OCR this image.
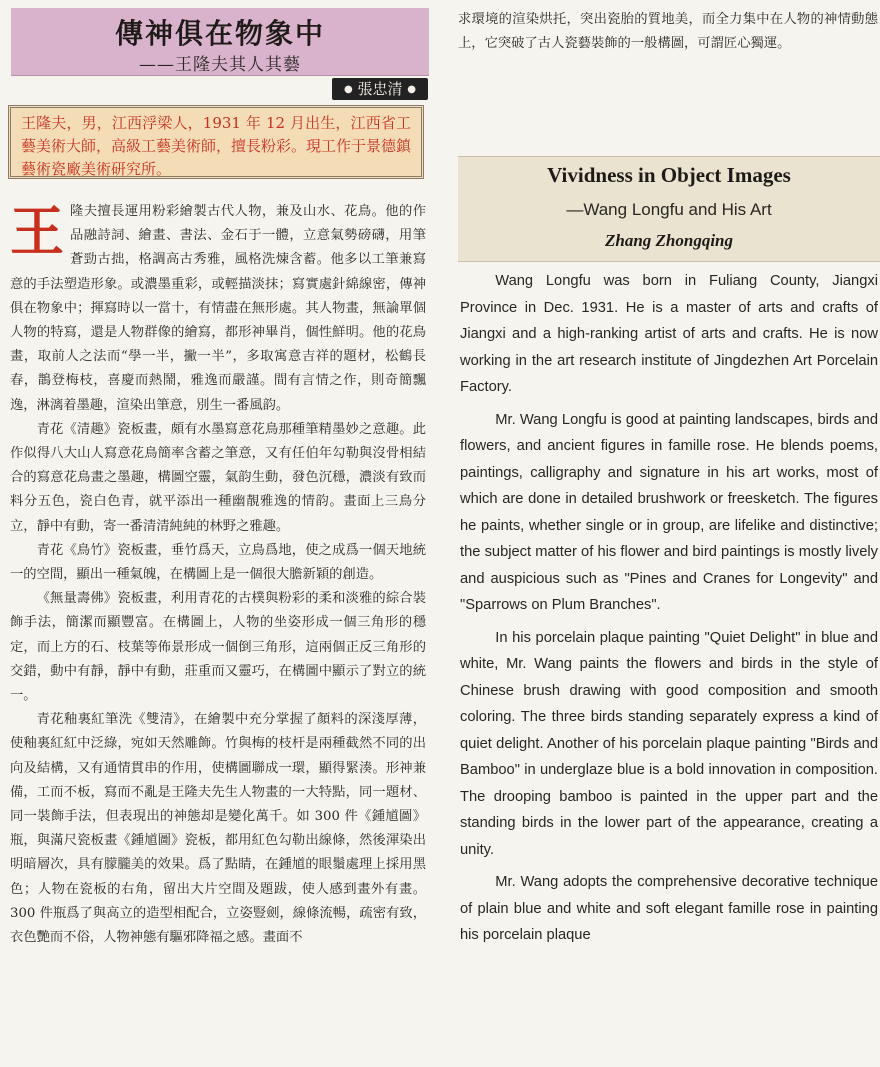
傳神俱在物象中
——王隆夫其人其藝
● 張忠清 ●
王隆夫，男，江西浮梁人，1931 年 12 月出生，江西省工藝美術大師，高級工藝美術師，擅長粉彩。現工作于景德鎮藝術瓷廠美術研究所。

王隆夫擅長運用粉彩繪製古代人物，兼及山水、花鳥。他的作品融詩詞、繪畫、書法、金石于一體，立意氣勢磅礴，用筆蒼勁古拙，格調高古秀雅，風格洗煉含蓄。他多以工筆兼寫意的手法塑造形象。或濃墨重彩，或輕描淡抹；寫實處針綿線密，傳神俱在物象中；揮寫時以一當十，有情盡在無形處。其人物畫，無論單個人物的特寫，還是人物群像的繪寫，都形神畢肖，個性鮮明。他的花鳥畫，取前人之法而“學一半，撇一半”，多取寓意吉祥的題材，松鶴長春，鵲登梅枝，喜慶而熱鬧，雅逸而嚴謹。間有言情之作，則奇簡飄逸，淋漓着墨趣，渲染出筆意，別生一番風韵。

青花《清趣》瓷板畫，頗有水墨寫意花鳥那種筆精墨妙之意趣。此作似得八大山人寫意花鳥簡率含蓄之筆意，又有任伯年勾勒與沒骨相結合的寫意花鳥畫之墨趣，構圖空靈，氣韵生動，發色沉穩，濃淡有致而料分五色，瓷白色青，就平添出一種幽靚雅逸的情韵。畫面上三鳥分立，靜中有動，寄一番清清純純的林野之雅趣。

青花《鳥竹》瓷板畫，垂竹爲天，立鳥爲地，使之成爲一個天地統一的空間，顯出一種氣魄，在構圖上是一個很大膽新穎的創造。

《無量壽佛》瓷板畫，利用青花的古樸與粉彩的柔和淡雅的綜合裝飾手法，簡潔而顯豐富。在構圖上，人物的坐姿形成一個三角形的穩定，而上方的石、枝葉等佈景形成一個倒三角形，這兩個正反三角形的交錯，動中有靜，靜中有動，莊重而又靈巧，在構圖中顯示了對立的統一。

青花釉裏紅筆洗《雙清》，在繪製中充分掌握了顏料的深淺厚薄，使釉裏紅紅中泛綠，宛如天然雕飾。竹與梅的枝杆是兩種截然不同的出向及結構，又有通情貫串的作用，使構圖聯成一環，顯得緊湊。形神兼備，工而不板，寫而不亂是王隆夫先生人物畫的一大特點，同一題材、同一裝飾手法，但表現出的神態却是變化萬千。如 300 件《鍾馗圖》瓶，與滿尺瓷板畫《鍾馗圖》瓷板，都用紅色勾勒出線條，然後渾染出明暗層次，具有朦朧美的效果。爲了點睛，在鍾馗的眼鬚處理上採用黑色；人物在瓷板的右角，留出大片空間及題跋，使人感到畫外有畫。300 件瓶爲了與高立的造型相配合，立姿豎劍，線條流暢，疏密有致，衣色艷而不俗，人物神態有驅邪降福之感。畫面不

求環境的渲染烘托，突出瓷胎的質地美，而全力集中在人物的神情動態上，它突破了古人瓷藝裝飾的一般構圖，可謂匠心獨運。
Vividness in Object Images
—Wang Longfu and His Art
Zhang Zhongqing

Wang Longfu was born in Fuliang County, Jiangxi Province in Dec. 1931. He is a master of arts and crafts of Jiangxi and a high-ranking artist of arts and crafts. He is now working in the art research institute of Jingdezhen Art Porcelain Factory.

Mr. Wang Longfu is good at painting landscapes, birds and flowers, and ancient figures in famille rose. He blends poems, paintings, calligraphy and signature in his art works, most of which are done in detailed brushwork or freesketch. The figures he paints, whether single or in group, are lifelike and distinctive; the subject matter of his flower and bird paintings is mostly lively and auspicious such as "Pines and Cranes for Longevity" and "Sparrows on Plum Branches".

In his porcelain plaque painting "Quiet Delight" in blue and white, Mr. Wang paints the flowers and birds in the style of Chinese brush drawing with good composition and smooth coloring. The three birds standing separately express a kind of quiet delight. Another of his porcelain plaque painting "Birds and Bamboo" in underglaze blue is a bold innovation in composition. The drooping bamboo is painted in the upper part and the standing birds in the lower part of the appearance, creating a unity.

Mr. Wang adopts the comprehensive decorative technique of plain blue and white and soft elegant famille rose in painting his porcelain plaque
